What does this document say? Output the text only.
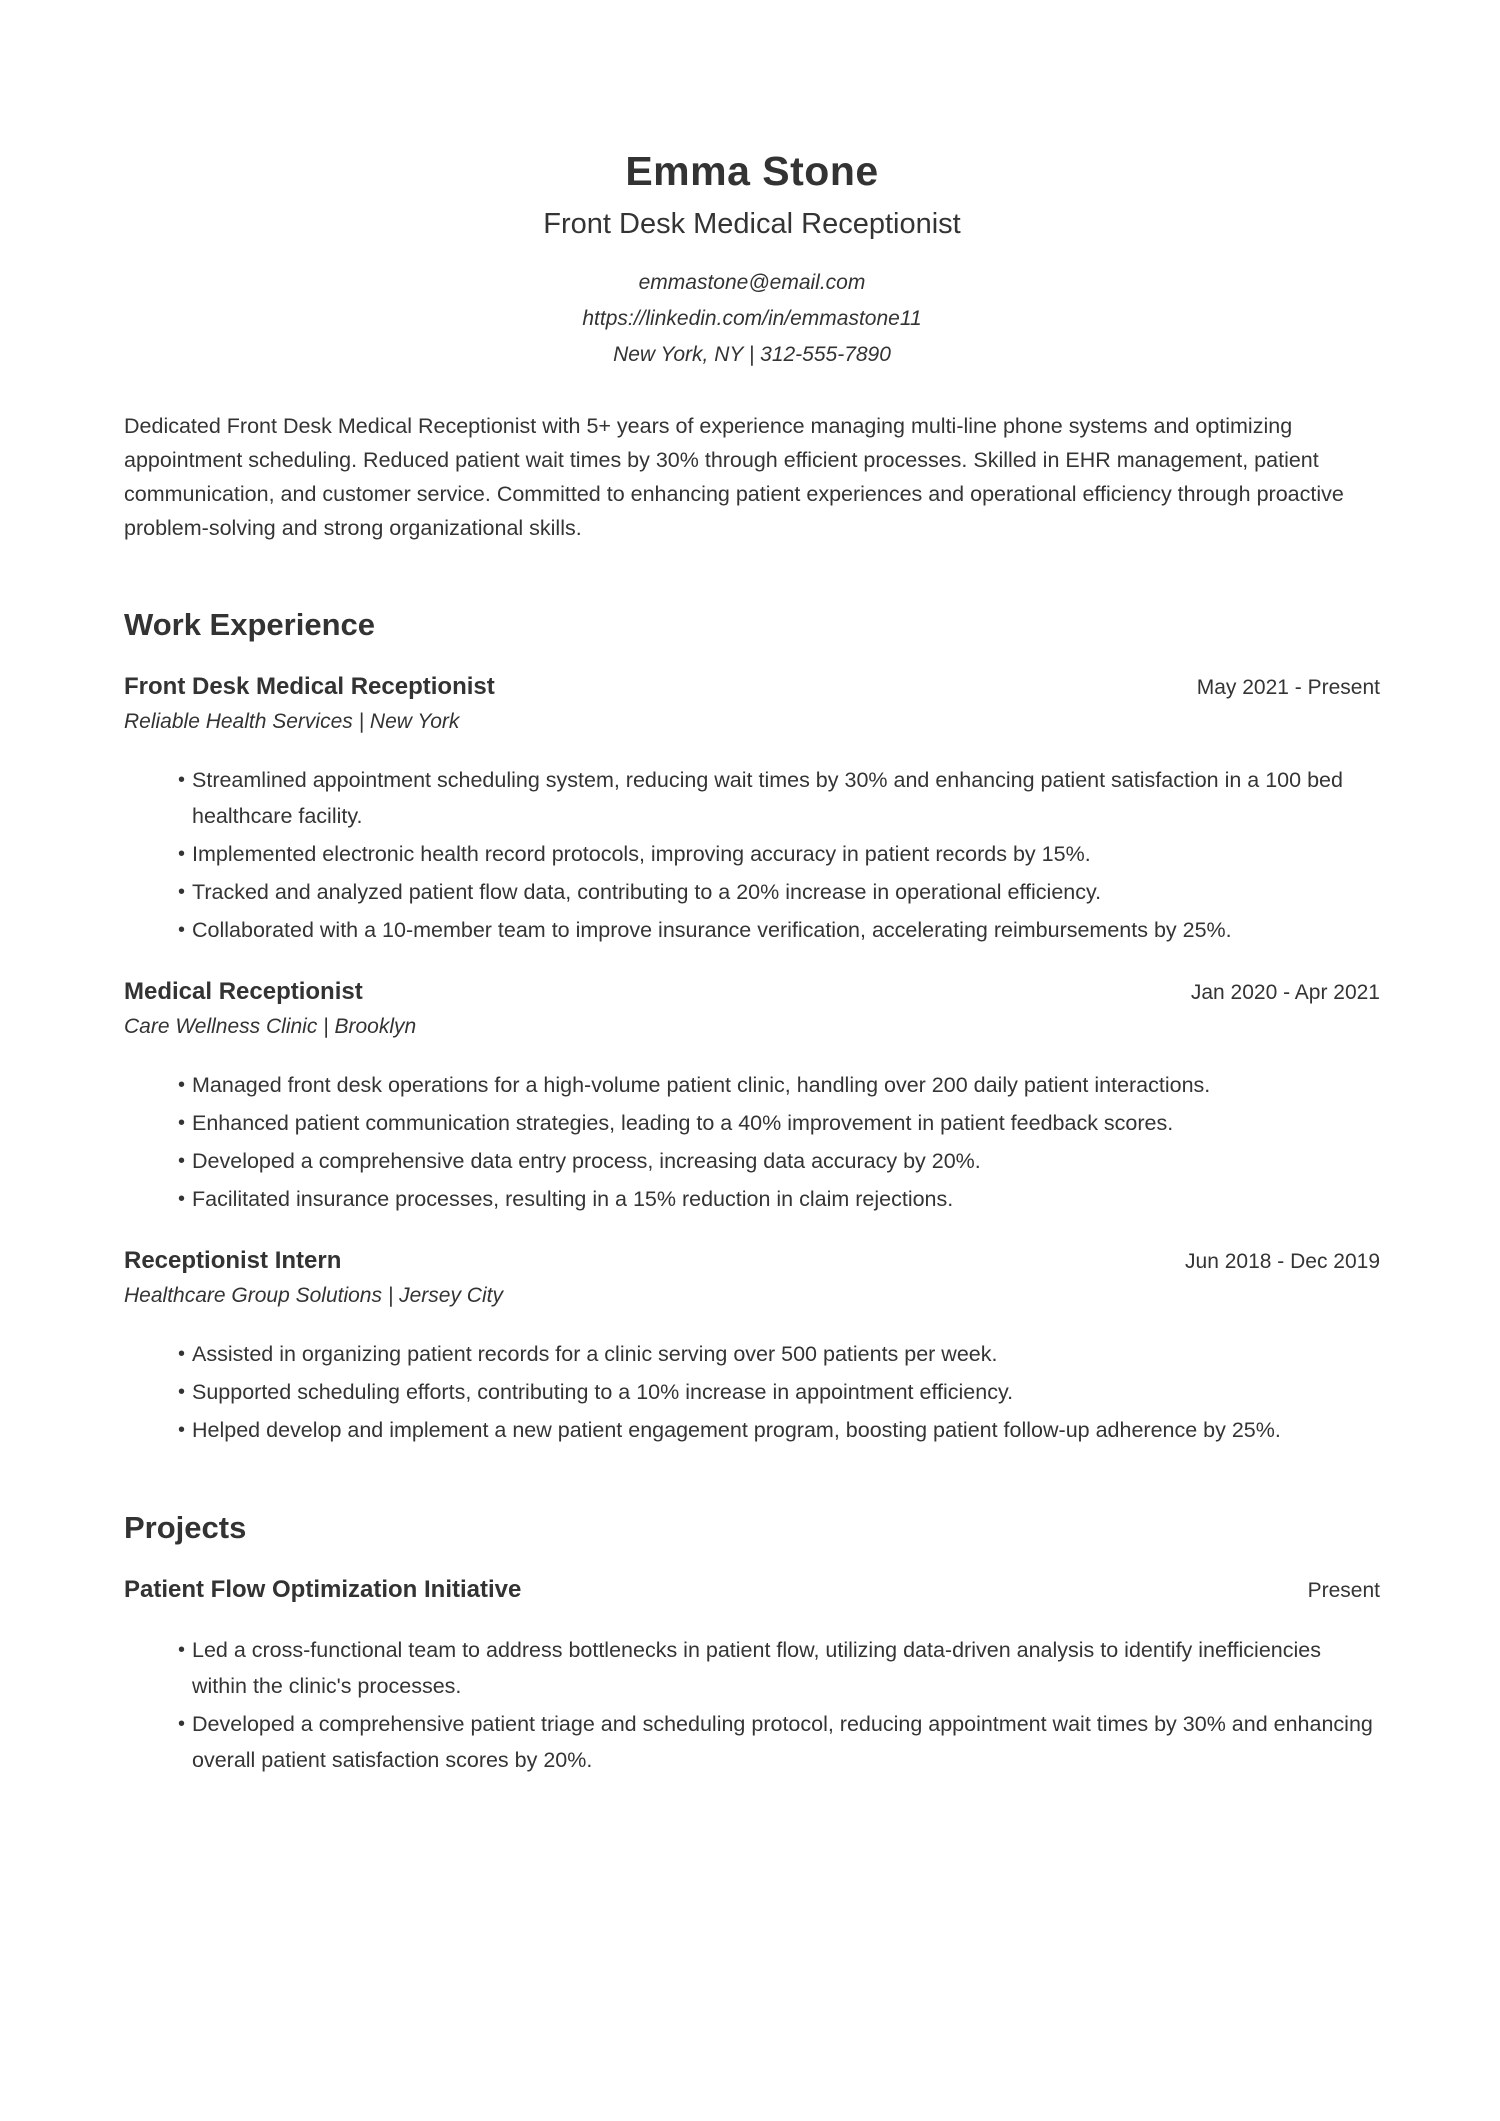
Emma Stone
Front Desk Medical Receptionist
emmastone@email.com
https://linkedin.com/in/emmastone11
New York, NY | 312-555-7890

Dedicated Front Desk Medical Receptionist with 5+ years of experience managing multi-line phone systems and optimizing appointment scheduling. Reduced patient wait times by 30% through efficient processes. Skilled in EHR management, patient communication, and customer service. Committed to enhancing patient experiences and operational efficiency through proactive problem-solving and strong organizational skills.

Work Experience
Front Desk Medical Receptionist	May 2021 - Present
Reliable Health Services | New York
• Streamlined appointment scheduling system, reducing wait times by 30% and enhancing patient satisfaction in a 100 bed healthcare facility.
• Implemented electronic health record protocols, improving accuracy in patient records by 15%.
• Tracked and analyzed patient flow data, contributing to a 20% increase in operational efficiency.
• Collaborated with a 10-member team to improve insurance verification, accelerating reimbursements by 25%.
Medical Receptionist	Jan 2020 - Apr 2021
Care Wellness Clinic | Brooklyn
• Managed front desk operations for a high-volume patient clinic, handling over 200 daily patient interactions.
• Enhanced patient communication strategies, leading to a 40% improvement in patient feedback scores.
• Developed a comprehensive data entry process, increasing data accuracy by 20%.
• Facilitated insurance processes, resulting in a 15% reduction in claim rejections.
Receptionist Intern	Jun 2018 - Dec 2019
Healthcare Group Solutions | Jersey City
• Assisted in organizing patient records for a clinic serving over 500 patients per week.
• Supported scheduling efforts, contributing to a 10% increase in appointment efficiency.
• Helped develop and implement a new patient engagement program, boosting patient follow-up adherence by 25%.
Projects
Patient Flow Optimization Initiative	Present
• Led a cross-functional team to address bottlenecks in patient flow, utilizing data-driven analysis to identify inefficiencies within the clinic's processes.
• Developed a comprehensive patient triage and scheduling protocol, reducing appointment wait times by 30% and enhancing overall patient satisfaction scores by 20%.
